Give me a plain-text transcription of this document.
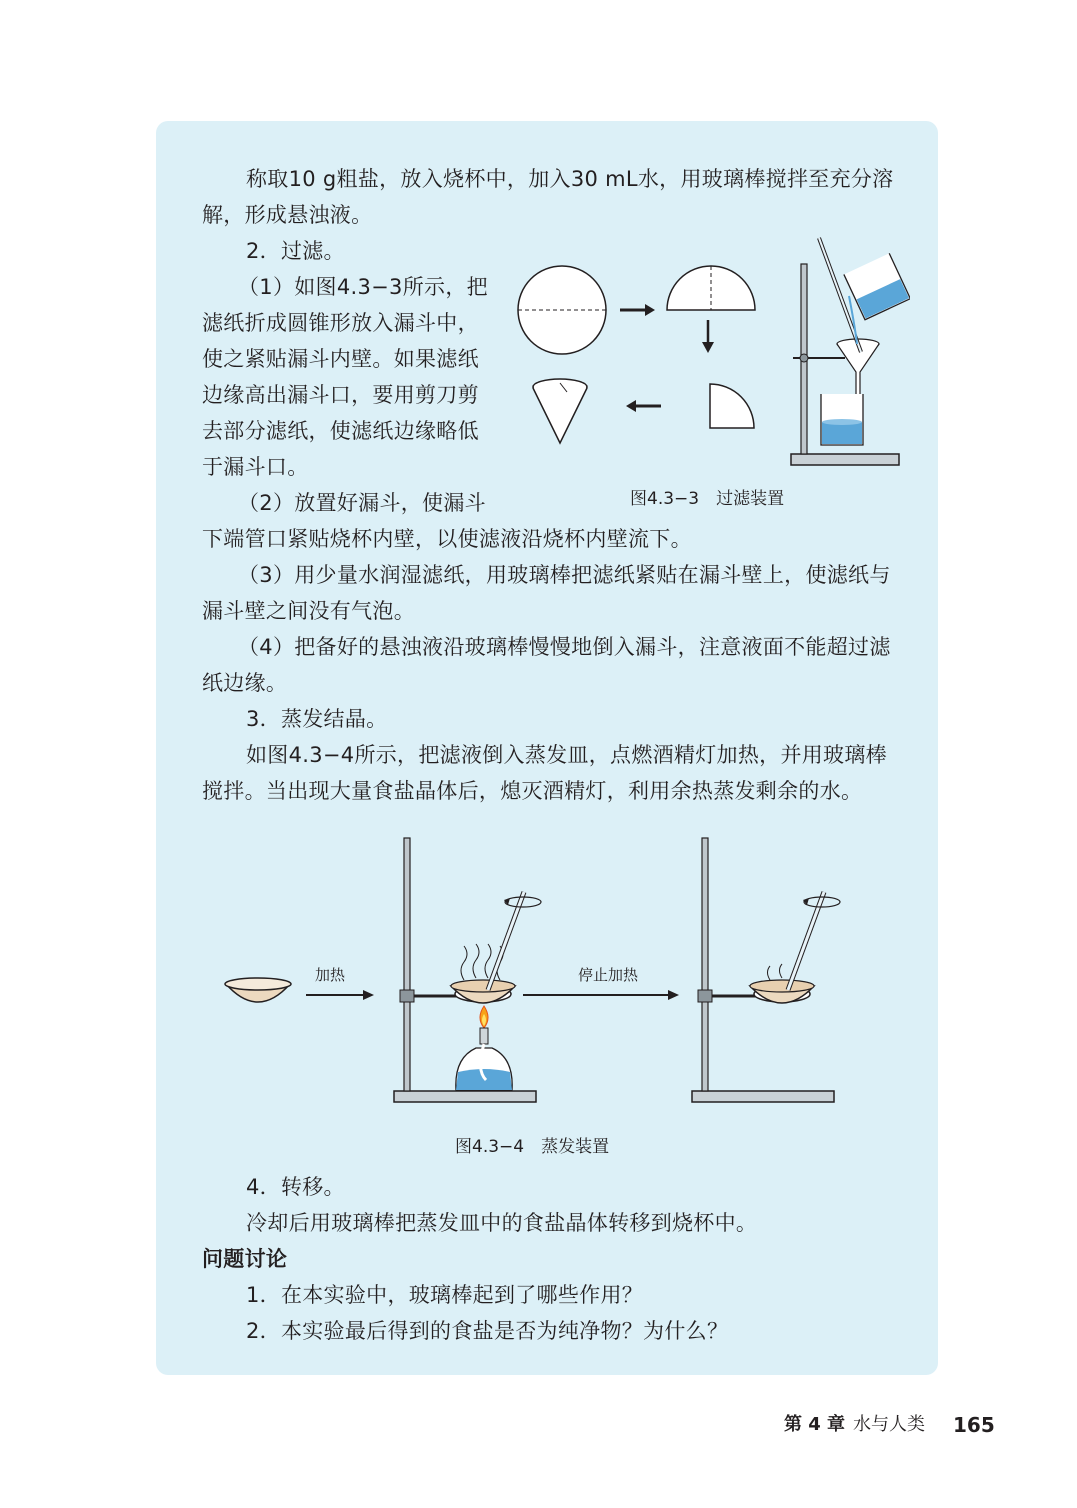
称取10 g粗盐，放入烧杯中，加入30 mL水，用玻璃棒搅拌至充分溶
解，形成悬浊液。
2．过滤。
（1）如图4.3−3所示，把
滤纸折成圆锥形放入漏斗中，
使之紧贴漏斗内壁。如果滤纸
边缘高出漏斗口，要用剪刀剪
去部分滤纸，使滤纸边缘略低
于漏斗口。
（2）放置好漏斗，使漏斗
下端管口紧贴烧杯内壁，以使滤液沿烧杯内壁流下。
（3）用少量水润湿滤纸，用玻璃棒把滤纸紧贴在漏斗壁上，使滤纸与
漏斗壁之间没有气泡。
（4）把备好的悬浊液沿玻璃棒慢慢地倒入漏斗，注意液面不能超过滤
纸边缘。
3．蒸发结晶。
如图4.3−4所示，把滤液倒入蒸发皿，点燃酒精灯加热，并用玻璃棒
搅拌。当出现大量食盐晶体后，熄灭酒精灯，利用余热蒸发剩余的水。
图4.3−3　过滤装置
加热	停止加热
图4.3−4　蒸发装置
4．转移。
冷却后用玻璃棒把蒸发皿中的食盐晶体转移到烧杯中。
问题讨论
1．在本实验中，玻璃棒起到了哪些作用？
2．本实验最后得到的食盐是否为纯净物？为什么？
第 4 章 水与人类 165
